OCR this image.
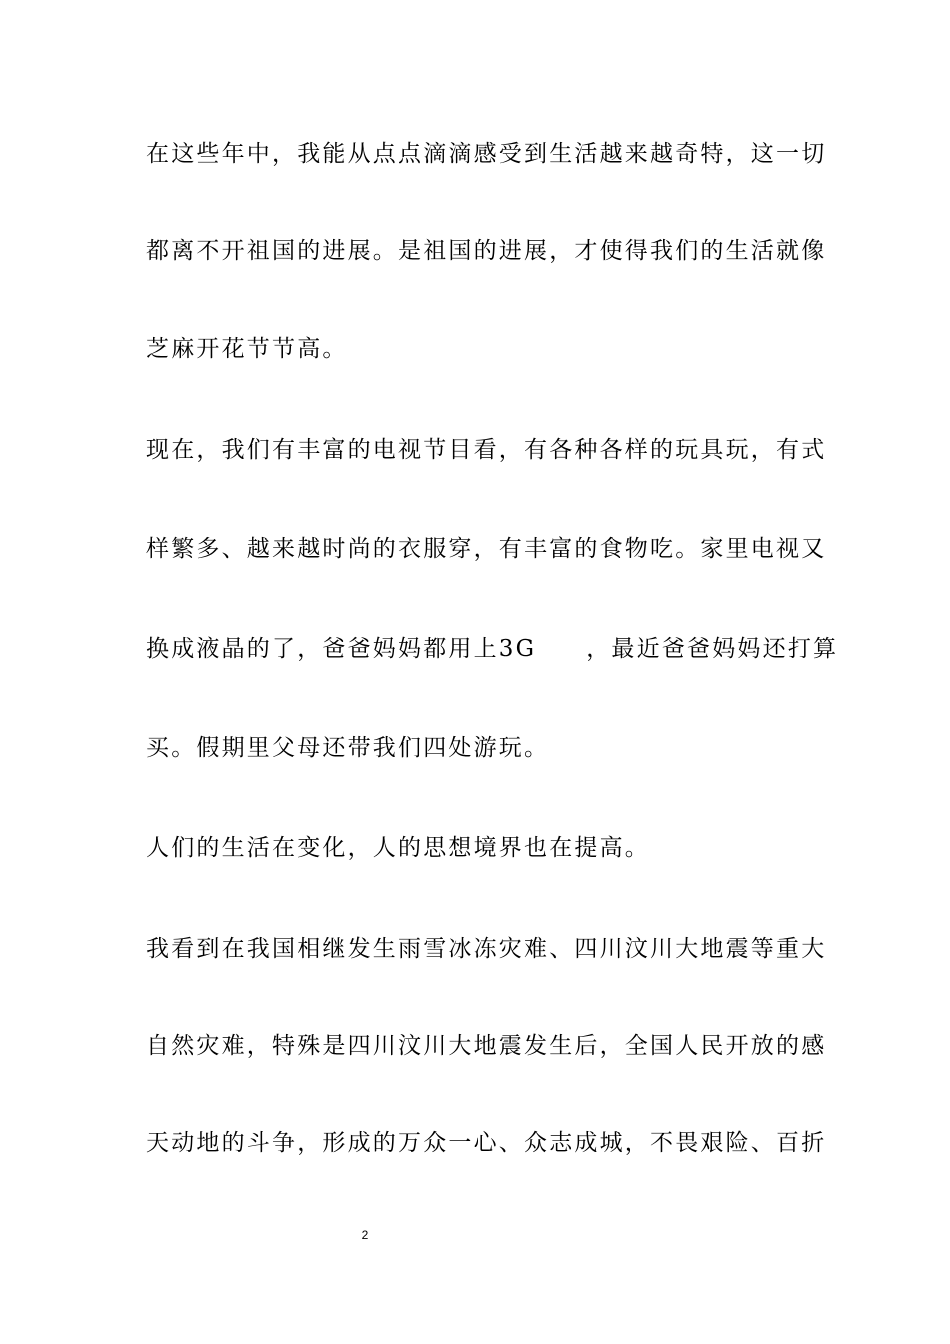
在这些年中，我能从点点滴滴感受到生活越来越奇特，这一切
都离不开祖国的进展。是祖国的进展，才使得我们的生活就像
芝麻开花节节高。
现在，我们有丰富的电视节目看，有各种各样的玩具玩，有式
样繁多、越来越时尚的衣服穿，有丰富的食物吃。家里电视又
换成液晶的了，爸爸妈妈都用上3G ，最近爸爸妈妈还打算
买。假期里父母还带我们四处游玩。
人们的生活在变化，人的思想境界也在提高。
我看到在我国相继发生雨雪冰冻灾难、四川汶川大地震等重大
自然灾难，特殊是四川汶川大地震发生后，全国人民开放的感
天动地的斗争，形成的万众一心、众志成城，不畏艰险、百折
2
